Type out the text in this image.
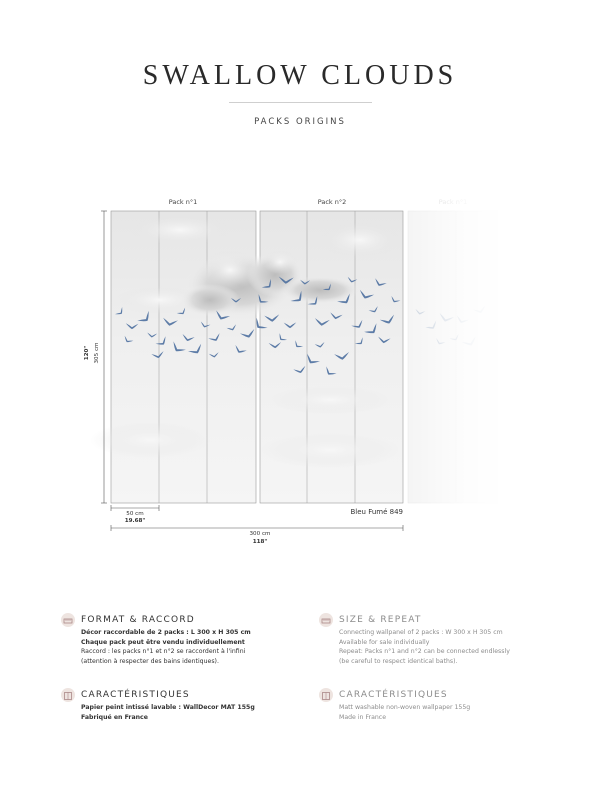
SWALLOW CLOUDS
PACKS ORIGINS
Pack n°1	Pack n°2
120" 305 cm
50 cm
19.68"
Bleu Fumé 849
300 cm
118"
FORMAT & RACCORD
Décor raccordable de 2 packs : L 300 x H 305 cm
Chaque pack peut être vendu individuellement
Raccord : les packs n°1 et n°2 se raccordent à l'infini
(attention à respecter des bains identiques).
SIZE & REPEAT
Connecting wallpanel of 2 packs : W 300 x H 305 cm
Available for sale individually
Repeat: Packs n°1 and n°2 can be connected endlessly
(be careful to respect identical baths).
CARACTÉRISTIQUES
Papier peint intissé lavable : WallDecor MAT 155g
Fabriqué en France
CARACTÉRISTIQUES
Matt washable non-woven wallpaper 155g
Made in France
